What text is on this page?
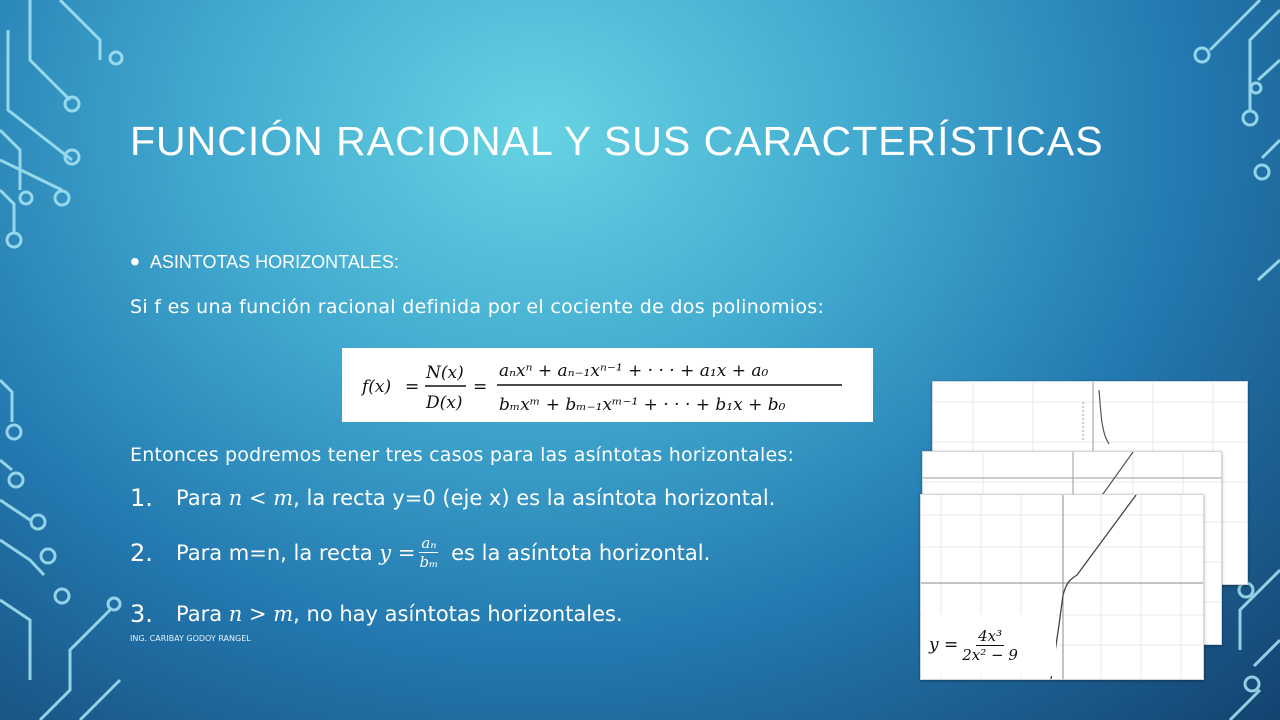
FUNCIÓN RACIONAL Y SUS CARACTERÍSTICAS
• ASINTOTAS HORIZONTALES:
Si f es una función racional definida por el cociente de dos polinomios:
f(x) =
N(x)
D(x)
=
aₙxⁿ + aₙ₋₁xⁿ⁻¹ + · · · + a₁x + a₀
bₘxᵐ + bₘ₋₁xᵐ⁻¹ + · · · + b₁x + b₀
Entonces podremos tener tres casos para las asíntotas horizontales:
1.	Para n < m , la recta y=0 (eje x) es la asíntota horizontal.
2.	Para m=n, la recta $y = \frac{\text{aₙ}}{\text{bₘ}}$ es la asíntota horizontal.
3.	Para n > m , no hay asíntotas horizontales.
ING. CARIBAY GODOY RANGEL	$y = \frac{\text{4x³}}{\text{2x² − 9}}$
